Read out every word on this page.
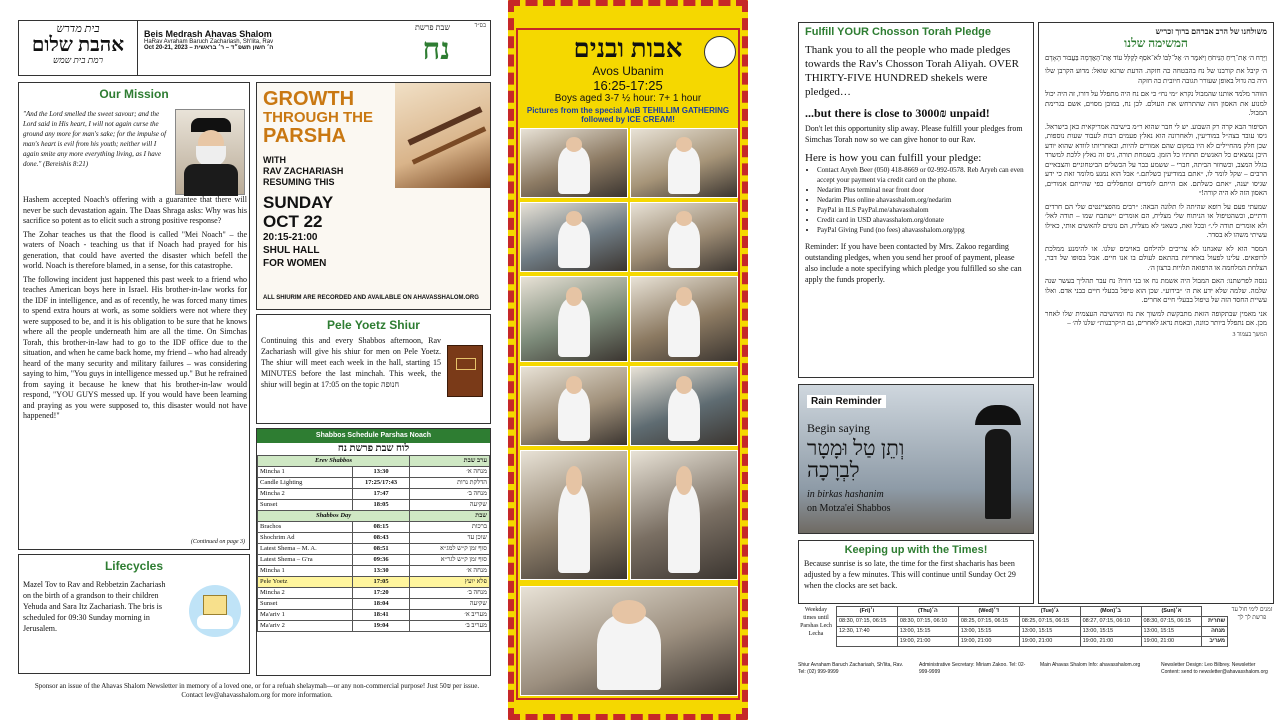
בית מדרש
אהבת שלום
רמת בית שמש
Beis Medrash Ahavas Shalom
HaRav Avraham Baruch Zachariash, Sh'lita, Rav
Oct 20-21, 2023 – ה׳ חשון תשפ״ד – ר׳ בראשית
שבת פרשת
נח
בס״ד
Our Mission
"And the Lord smelled the sweet savour; and the Lord said in His heart, I will not again curse the ground any more for man's sake; for the impulse of man's heart is evil from his youth; neither will I again smite any more everything living, as I have done." (Bereishis 8:21)

Hashem accepted Noach's offering with a guarantee that there will never be such devastation again. The Daas Shraga asks: Why was his sacrifice so potent as to elicit such a strong positive response?

The Zohar teaches us that the flood is called "Mei Noach" – the waters of Noach - teaching us that if Noach had prayed for his generation, that could have averted the disaster which befell the world. Noach is therefore blamed, in a sense, for this catastrophe.

The following incident just happened this past week to a friend who teaches American boys here in Israel. His brother-in-law works for the IDF in intelligence, and as of recently, he was forced many times to spend extra hours at work, as some soldiers were not where they were supposed to be, and it is his obligation to be sure that he knows where all the people underneath him are all the time. On Simchas Torah, this brother-in-law had to go to the IDF office due to the situation, and when he came back home, my friend – who had already heard of the many security and military failures – was considering saying to him, "You guys in intelligence messed up." But he refrained from saying it because he knew that his brother-in-law would respond, "YOU GUYS messed up. If you would have been learning and praying as you were supposed to, this disaster would not have happened!"

(Continued on page 3)
Lifecycles
Mazel Tov to Rav and Rebbetzin Zachariash on the birth of a grandson to their children Yehuda and Sara Itz Zachariash. The bris is scheduled for 09:30 Sunday morning in Jerusalem.
GROWTH
THROUGH THE
PARSHA
WITH
RAV ZACHARIASH
RESUMING THIS
SUNDAY
OCT 22
20:15-21:00
SHUL HALL
FOR WOMEN
ALL SHIURIM ARE RECORDED AND AVAILABLE ON AHAVASSHALOM.ORG
Pele Yoetz Shiur
Continuing this and every Shabbos afternoon, Rav Zachariash will give his shiur for men on Pele Yoetz. The shiur will meet each week in the hall, starting 15 MINUTES before the last minchah. This week, the shiur will begin at 17:05 on the topic חנופה
Shabbos Schedule Parshas Noach
לוח שבת פרשת נח
Erev Shabbos		ערב שבת
Mincha 1	13:30	מנחה א׳
Candle Lighting	17:25/17:43	הדלקת נרות
Mincha 2	17:47	מנחה ב׳
Sunset	18:05	שקיעה
Shabbos Day		שבת
Brachos	08:15	ברכות
Shochrim Ad	08:43	שוכן עד
Latest Shema – M. A.	08:51	סוף זמן ק״ש למג״א
Latest Shema – G'ra	09:36	סוף זמן ק״ש לגר״א
Mincha 1	13:30	מנחה א׳
Pele Yoetz	17:05	פלא יועץ
Mincha 2	17:20	מנחה ב׳
Sunset	18:04	שקיעה
Ma'ariv 1	18:41	מעריב א׳
Ma'ariv 2	19:04	מעריב ב׳
Sponsor an issue of the Ahavas Shalom Newsletter in memory of a loved one, or for a refuah shelaymah—or any non-commercial purpose! Just 50₪ per issue. Contact lev@ahavasshalom.org for more information.
אבות ובנים
Avos Ubanim
16:25-17:25
Boys aged 3-7 ½ hour: 7+ 1 hour
Pictures from the special AuB TEHILLIM GATHERING followed by ICE CREAM!
Fulfill YOUR Chosson Torah Pledge

Thank you to all the people who made pledges towards the Rav's Chosson Torah Aliyah. OVER THIRTY-FIVE HUNDRED shekels were pledged…

...but there is close to 3000₪ unpaid!

Don't let this opportunity slip away. Please fulfill your pledges from Simchas Torah now so we can give honor to our Rav.

Here is how you can fulfill your pledge:

• Contact Aryeh Beer (050) 418-8669 or 02-992-0578. Reb Aryeh can even accept your payment via credit card on the phone.
• Nedarim Plus terminal near front door
• Nedarim Plus online ahavasshalom.org/nedarim
• PayPal in ILS PayPal.me/ahavasshalom
• Credit card in USD ahavasshalom.org/donate
• PayPal Giving Fund (no fees) ahavasshalom.org/ppg

Reminder: If you have been contacted by Mrs. Zakoo regarding outstanding pledges, when you send her proof of payment, please also include a note specifying which pledge you fulfilled so she can apply the funds properly.

Rain Reminder
Begin saying
וְתֵן טַל וּמָטָר לִבְרָכָה
in birkas hashanim
on Motza'ei Shabbos
Keeping up with the Times!
Because sunrise is so late, the time for the first shacharis has been adjusted by a few minutes. This will continue until Sunday Oct 29 when the clocks are set back.
משולחנו של הרב אברהם ברוך זכריש
המשימה שלנו
וַיָּרַח ה׳ אֶת־רֵיחַ הַנִּיחֹחַ וַיֹּאמֶר ה׳ אֶל־לִבּוֹ לֹא־אֹסִף לְקַלֵּל עוֹד אֶת־הָאֲדָמָה בַּעֲבוּר הָאָדָם

ה׳ קיבל את קורבנו של נח בהבטחה כה חזקה. הדעת שרגא שואל: מדוע הקרבן שלו היה כה גדול באופן שעורר תגובה חיובית כה חזקה

הזוהר מלמד אותנו שהמבול נקרא ״מי נח״ כי אם נח היה מתפלל על דורו, זה היה יכול למנוע את האסון הזה שהתרחש את העולם. לכן נח, במובן מסוים, אשם בגרימת המבול.

הסיפור הבא קרה רק השבוע. יש לי חבר שהוא ר״מ בישיבה אמריקאית כאן בישראל. גיסו עובד בצה״ל במודיעין, ולאחרונה הוא נאלץ פעמים רבות לעבוד שעות נוספות, שכן חלק מהחיילים לא היו במקום שהם אמורים להיות, ובאחריותו לוודא שהוא יודע היכן נמצאים כל האנשים תחתיו כל הזמן. בשמחת תורה, גיס זה נאלץ ללכת למשרד בגלל המצב, וכשחזר הביתה, חברי – ששמע כבר על הכשלים הביטחוניים והצבאיים הרבים – שקל לומר לו, ״אתם במודיעין כשלתם.״ אבל הוא נמנע מלומר זאת כי ידע שגיסו יענה, ״אתם כשלתם. אם הייתם לומדים ומתפללים כפי שהייתם אמורים, האסון הזה לא היה קורה!״

שמעתי פעם על רופא שהיתה לו תלונה הבאה: ״רבים מהפציינטים שלי הם חרדים ודתיים, וכשהטיפול או הניתוח שלי מצליח, הם אומרים ׳ישתבח שמו – תודה לאל׳ ולא אומרים תודה לי.״ ובכל זאת, כשאני לא מצליח, הם נוטים להאשים אותי, כאילו עשיתי משהו לא בסדר.

המסר הוא לא שאנחנו לא צריכים להילחם באויבים שלנו. או להימנע ממלכת לרופאים. עלינו לפעול באחריות בהתאם לעולם בו אנו חיים. אבל בסופו של דבר, הצלחת המלחמה או הרפואה תלויות ברצון ה׳.

ננסה לפרשתנו: האם המבול היה אשמת נח או בני דורו? נח עבר תהליך בעשר שנה שלמה. שלמה שלא ידע את ה׳ ״בידוע״. שכן הוא טיפל בבעלי חיים כבני אדם. ואלו עשיית החסד הזה של טיפול בבעלי חיים אחרים.

אני מאמין שבתקופה הזאת מתבקשת למשוך את נח ומהשיבה העצמית שלו לאחר מכן. אם נתפלל ביותר כוונה, ובאמת נדאג לאחרים, גם ה״קרבנות״ שלנו לה׳ –

המשך בעמוד 3

Weekday times until Parshas Lech Lecha
זמנים לימי חול עד פרשת לך לך
(Fri)ו׳	(Thu)ה׳	(Wed)ד׳	(Tue)ג׳	(Mon)ב׳	(Sun)א׳	
08:30, 07:15, 06:15	08:30, 07:15, 06:10	08:25, 07:15, 06:15	08:25, 07:15, 06:15	08:27, 07:15, 06:10	08:30, 07:15, 06:15	שחרית
12:30, 17:40	13:00, 15:15	13:00, 15:15	13:00, 15:15	13:00, 15:15	13:00, 15:15	מנחה
	19:00, 21:00	19:00, 21:00	19:00, 21:00	19:00, 21:00	19:00, 21:00	מעריב
Shiur Avraham Baruch Zachariash, Sh'lita, Rav. Tel: (02) 999-9999
Administrative Secretary: Miriam Zakoo. Tel: 02-999-9999
Main Ahavas Shalom Info: ahavasshalom.org	Newsletter Design: Leo Bilbrey. Newsletter Content: send to newsletter@ahavasshalom.org
